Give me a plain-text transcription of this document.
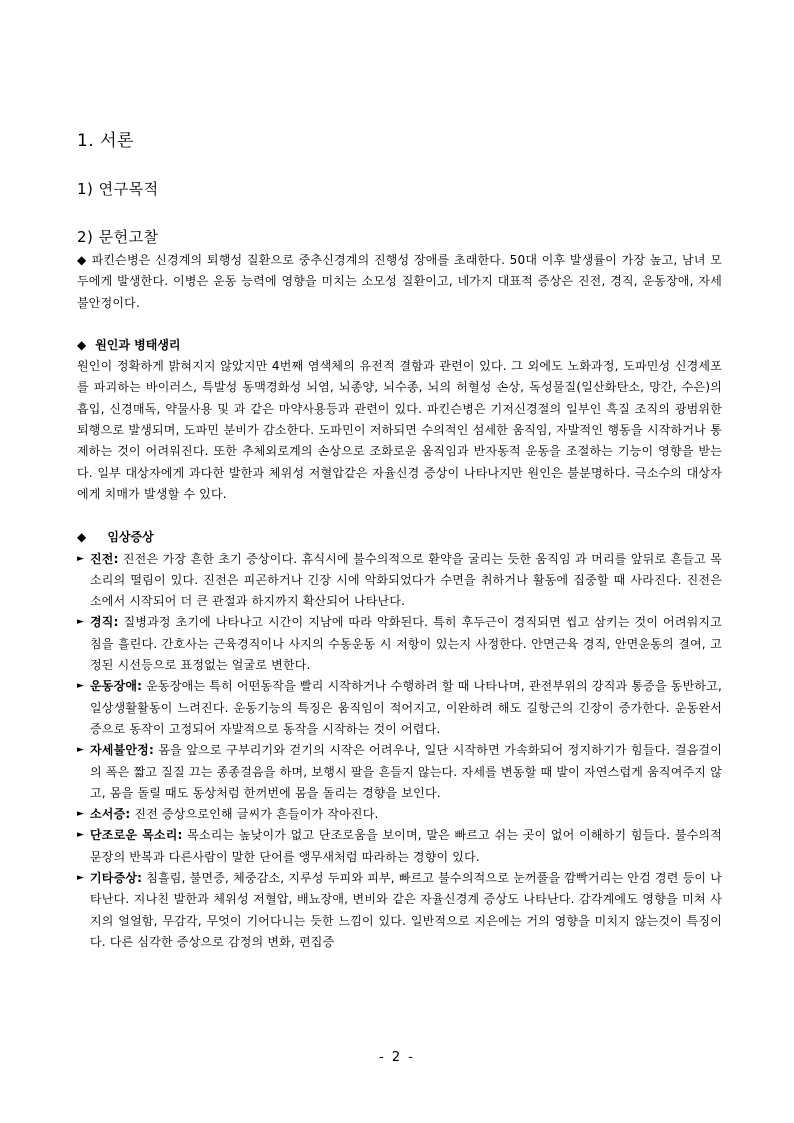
1. 서론
1) 연구목적
2) 문헌고찰

◆ 파킨슨병은 신경계의 퇴행성 질환으로 중추신경계의 진행성 장애를 초래한다. 50대 이후 발생률이 가장 높고, 남녀 모두에게 발생한다. 이병은 운동 능력에 영향을 미치는 소모성 질환이고, 네가지 대표적 증상은 진전, 경직, 운동장애, 자세 불안정이다.

◆ 원인과 병태생리

원인이 정확하게 밝혀지지 않았지만 4번째 염색체의 유전적 결함과 관련이 있다. 그 외에도 노화과정, 도파민성 신경세포를 파괴하는 바이러스, 특발성 동맥경화성 뇌염, 뇌종양, 뇌수종, 뇌의 허혈성 손상, 독성물질(일산화탄소, 망간, 수은)의 흡입, 신경매독, 약물사용 및 과 같은 마약사용등과 관련이 있다. 파킨슨병은 기저신경절의 일부인 흑질 조직의 광범위한 퇴행으로 발생되며, 도파민 분비가 감소한다. 도파민이 저하되면 수의적인 섬세한 움직임, 자발적인 행동을 시작하거나 통제하는 것이 어려워진다. 또한 추체외로계의 손상으로 조화로운 움직임과 반자동적 운동을 조절하는 기능이 영향을 받는다. 일부 대상자에게 과다한 발한과 체위성 저혈압같은 자율신경 증상이 나타나지만 원인은 불분명하다. 극소수의 대상자에게 치매가 발생할 수 있다.

◆ 임상증상
► 진전: 진전은 가장 흔한 초기 증상이다. 휴식시에 불수의적으로 환약을 굴리는 듯한 움직임 과 머리를 앞뒤로 흔들고 목소리의 떨림이 있다. 진전은 피곤하거나 긴장 시에 악화되었다가 수면을 취하거나 활동에 집중할 때 사라진다. 진전은 소에서 시작되어 더 큰 관절과 하지까지 확산되어 나타난다.
► 경직: 질병과정 초기에 나타나고 시간이 지남에 따라 악화된다. 특히 후두근이 경직되면 씹고 삼키는 것이 어려워지고 침을 흘린다. 간호사는 근육경직이나 사지의 수동운동 시 저항이 있는지 사정한다. 안면근육 경직, 안면운동의 결여, 고정된 시선등으로 표정없는 얼굴로 변한다.
► 운동장애: 운동장애는 특히 어떤동작을 빨리 시작하거나 수행하려 할 때 나타나며, 관전부위의 강직과 통증을 동반하고, 일상생활활동이 느려진다. 운동기능의 특징은 움직임이 적어지고, 이완하려 해도 길항근의 긴장이 증가한다. 운동완서증으로 동작이 고정되어 자발적으로 동작을 시작하는 것이 어렵다.
► 자세불안정: 몸을 앞으로 구부리기와 걷기의 시작은 어려우나, 일단 시작하면 가속화되어 정지하기가 힘들다. 걸음걸이의 폭은 짧고 질질 끄는 종종걸음을 하며, 보행시 팔을 흔들지 않는다. 자세를 변동할 때 발이 자연스럽게 움직여주지 않고, 몸을 돌릴 때도 동상처럼 한꺼번에 몸을 돌리는 경향을 보인다.
► 소서증: 진전 증상으로인해 글씨가 흔들이가 작아진다.
► 단조로운 목소리: 목소리는 높낮이가 없고 단조로움을 보이며, 말은 빠르고 쉬는 곳이 없어 이해하기 힘들다. 불수의적 문장의 반복과 다른사람이 말한 단어를 앵무새처럼 따라하는 경향이 있다.
► 기타증상: 침흘림, 불면증, 체중감소, 지루성 두피와 피부, 빠르고 불수의적으로 눈꺼풀을 깜빡거리는 안검 경련 등이 나타난다. 지나친 발한과 체위성 저혈압, 배뇨장애, 변비와 같은 자율신경계 증상도 나타난다. 감각계에도 영향을 미쳐 사지의 얼얼함, 무감각, 무엇이 기어다니는 듯한 느낌이 있다. 일반적으로 지은에는 거의 영향을 미치지 않는것이 특징이다. 다른 심각한 증상으로 감정의 변화, 편집증
- 2 -
